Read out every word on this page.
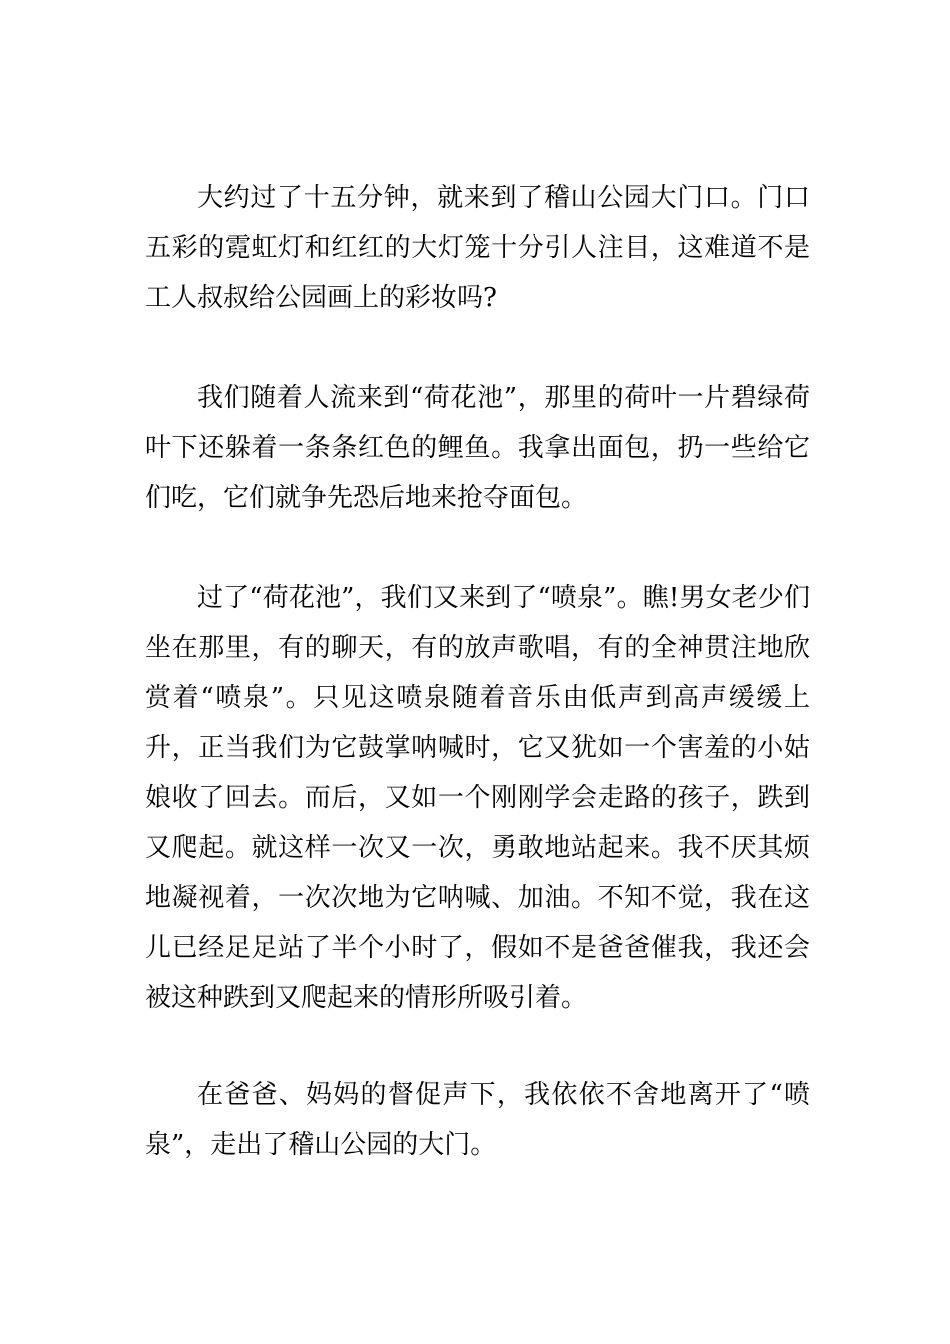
大约过了十五分钟，就来到了稽山公园大门口。门口五彩的霓虹灯和红红的大灯笼十分引人注目，这难道不是工人叔叔给公园画上的彩妆吗?

我们随着人流来到“荷花池”，那里的荷叶一片碧绿荷叶下还躲着一条条红色的鲤鱼。我拿出面包，扔一些给它们吃，它们就争先恐后地来抢夺面包。

过了“荷花池”，我们又来到了“喷泉”。瞧!男女老少们坐在那里，有的聊天，有的放声歌唱，有的全神贯注地欣赏着“喷泉”。只见这喷泉随着音乐由低声到高声缓缓上升，正当我们为它鼓掌呐喊时，它又犹如一个害羞的小姑娘收了回去。而后，又如一个刚刚学会走路的孩子，跌到又爬起。就这样一次又一次，勇敢地站起来。我不厌其烦地凝视着，一次次地为它呐喊、加油。不知不觉，我在这儿已经足足站了半个小时了，假如不是爸爸催我，我还会被这种跌到又爬起来的情形所吸引着。

在爸爸、妈妈的督促声下，我依依不舍地离开了“喷泉”，走出了稽山公园的大门。
